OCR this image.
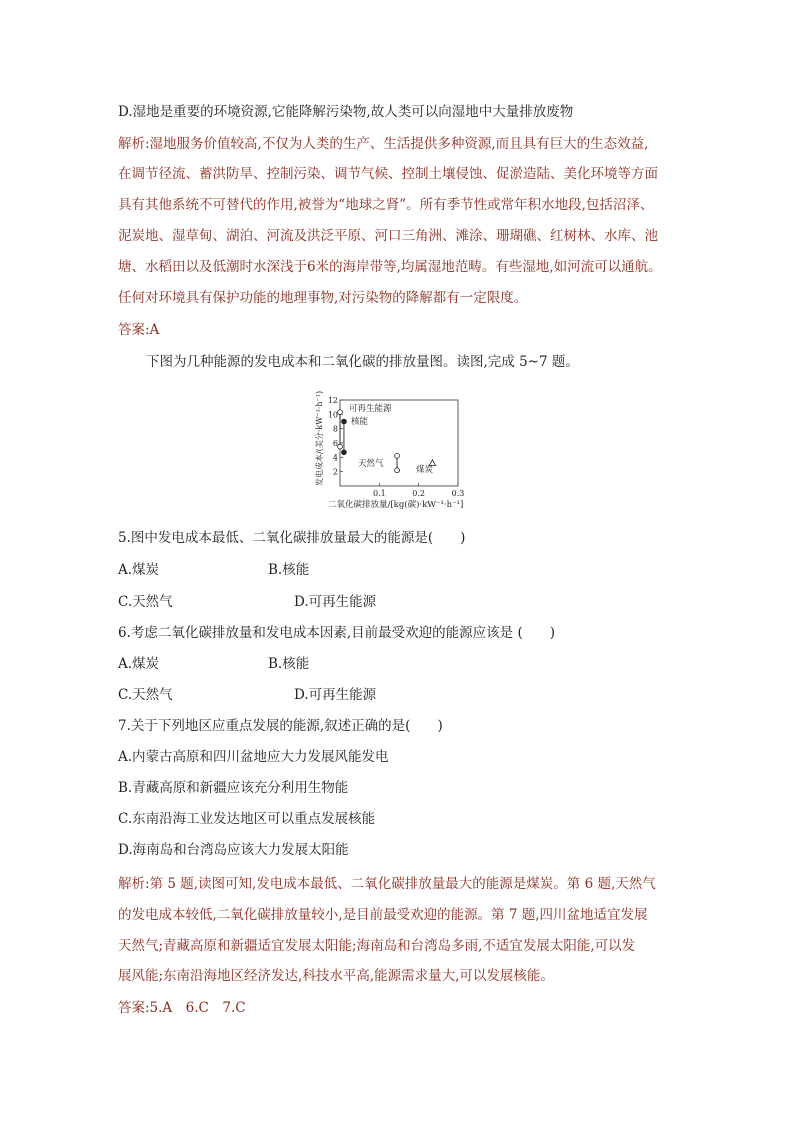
D.湿地是重要的环境资源,它能降解污染物,故人类可以向湿地中大量排放废物
解析:湿地服务价值较高,不仅为人类的生产、生活提供多种资源,而且具有巨大的生态效益,
在调节径流、蓄洪防旱、控制污染、调节气候、控制土壤侵蚀、促淤造陆、美化环境等方面
具有其他系统不可替代的作用,被誉为“地球之肾”。所有季节性或常年积水地段,包括沼泽、
泥炭地、湿草甸、湖泊、河流及洪泛平原、河口三角洲、滩涂、珊瑚礁、红树林、水库、池
塘、水稻田以及低潮时水深浅于6米的海岸带等,均属湿地范畴。有些湿地,如河流可以通航。
任何对环境具有保护功能的地理事物,对污染物的降解都有一定限度。
答案:A
下图为几种能源的发电成本和二氧化碳的排放量图。读图,完成 5~7 题。
发电成本/(美分·kW⁻¹·h⁻¹)
二氧化碳排放量/[kg(碳)·kW⁻¹·h⁻¹]
2
4
6
8
10
12
0.1	0.2	0.3
可再生能源
核能
天然气
煤炭
5.图中发电成本最低、二氧化碳排放量最大的能源是(　　)
A.煤炭	B.核能
C.天然气	D.可再生能源
6.考虑二氧化碳排放量和发电成本因素,目前最受欢迎的能源应该是 (　　)
A.煤炭	B.核能
C.天然气	D.可再生能源
7.关于下列地区应重点发展的能源,叙述正确的是(　　)
A.内蒙古高原和四川盆地应大力发展风能发电
B.青藏高原和新疆应该充分利用生物能
C.东南沿海工业发达地区可以重点发展核能
D.海南岛和台湾岛应该大力发展太阳能
解析:第 5 题,读图可知,发电成本最低、二氧化碳排放量最大的能源是煤炭。第 6 题,天然气
的发电成本较低,二氧化碳排放量较小,是目前最受欢迎的能源。第 7 题,四川盆地适宜发展
天然气;青藏高原和新疆适宜发展太阳能;海南岛和台湾岛多雨,不适宜发展太阳能,可以发
展风能;东南沿海地区经济发达,科技水平高,能源需求量大,可以发展核能。
答案:5.A　6.C　7.C
